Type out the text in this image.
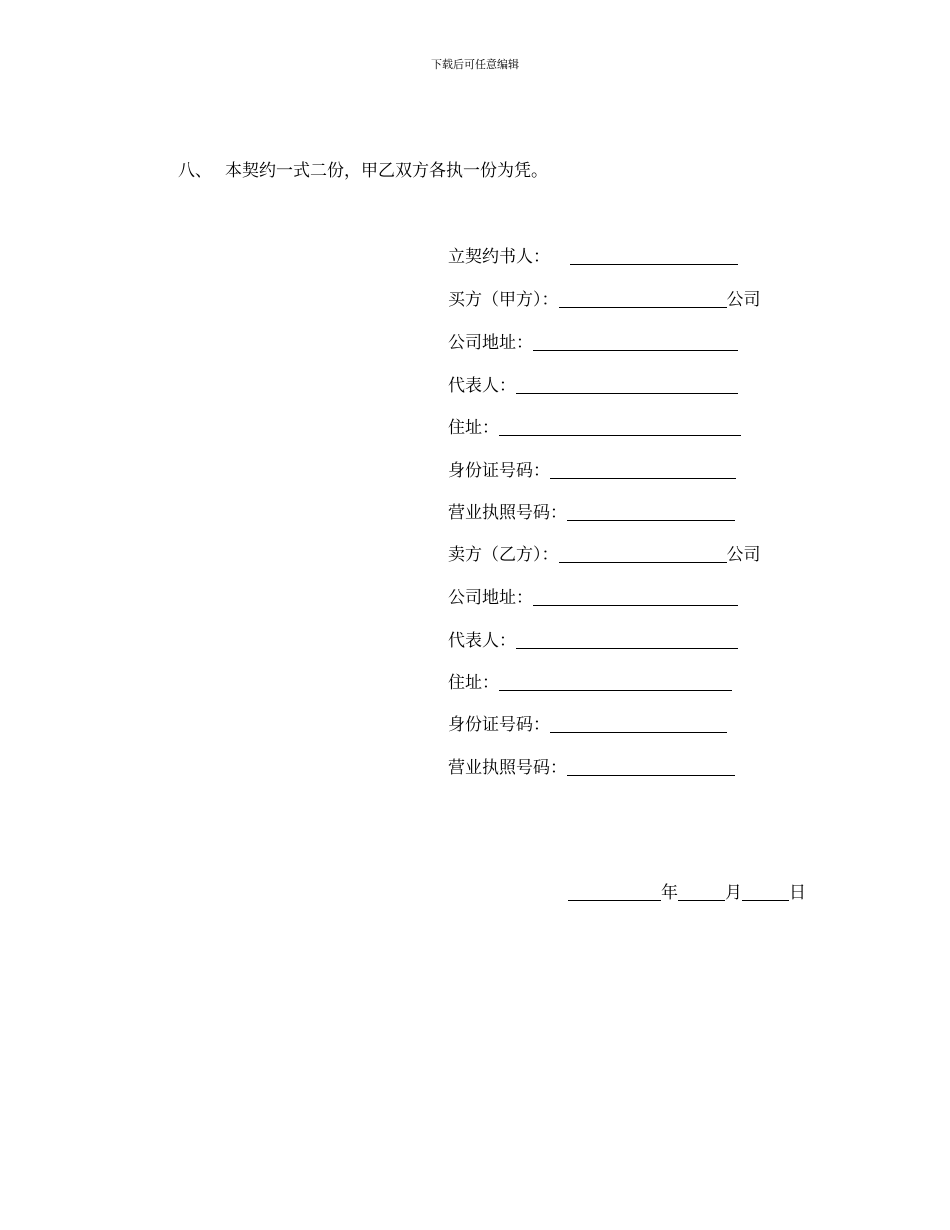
下载后可任意编辑
八、 本契约一式二份，甲乙双方各执一份为凭。
立契约书人：
买方（甲方）：	公司
公司地址：
代表人：
住址：
身份证号码：
营业执照号码：
卖方（乙方）：	公司
公司地址：
代表人：
住址：
身份证号码：
营业执照号码：
年	月	日
